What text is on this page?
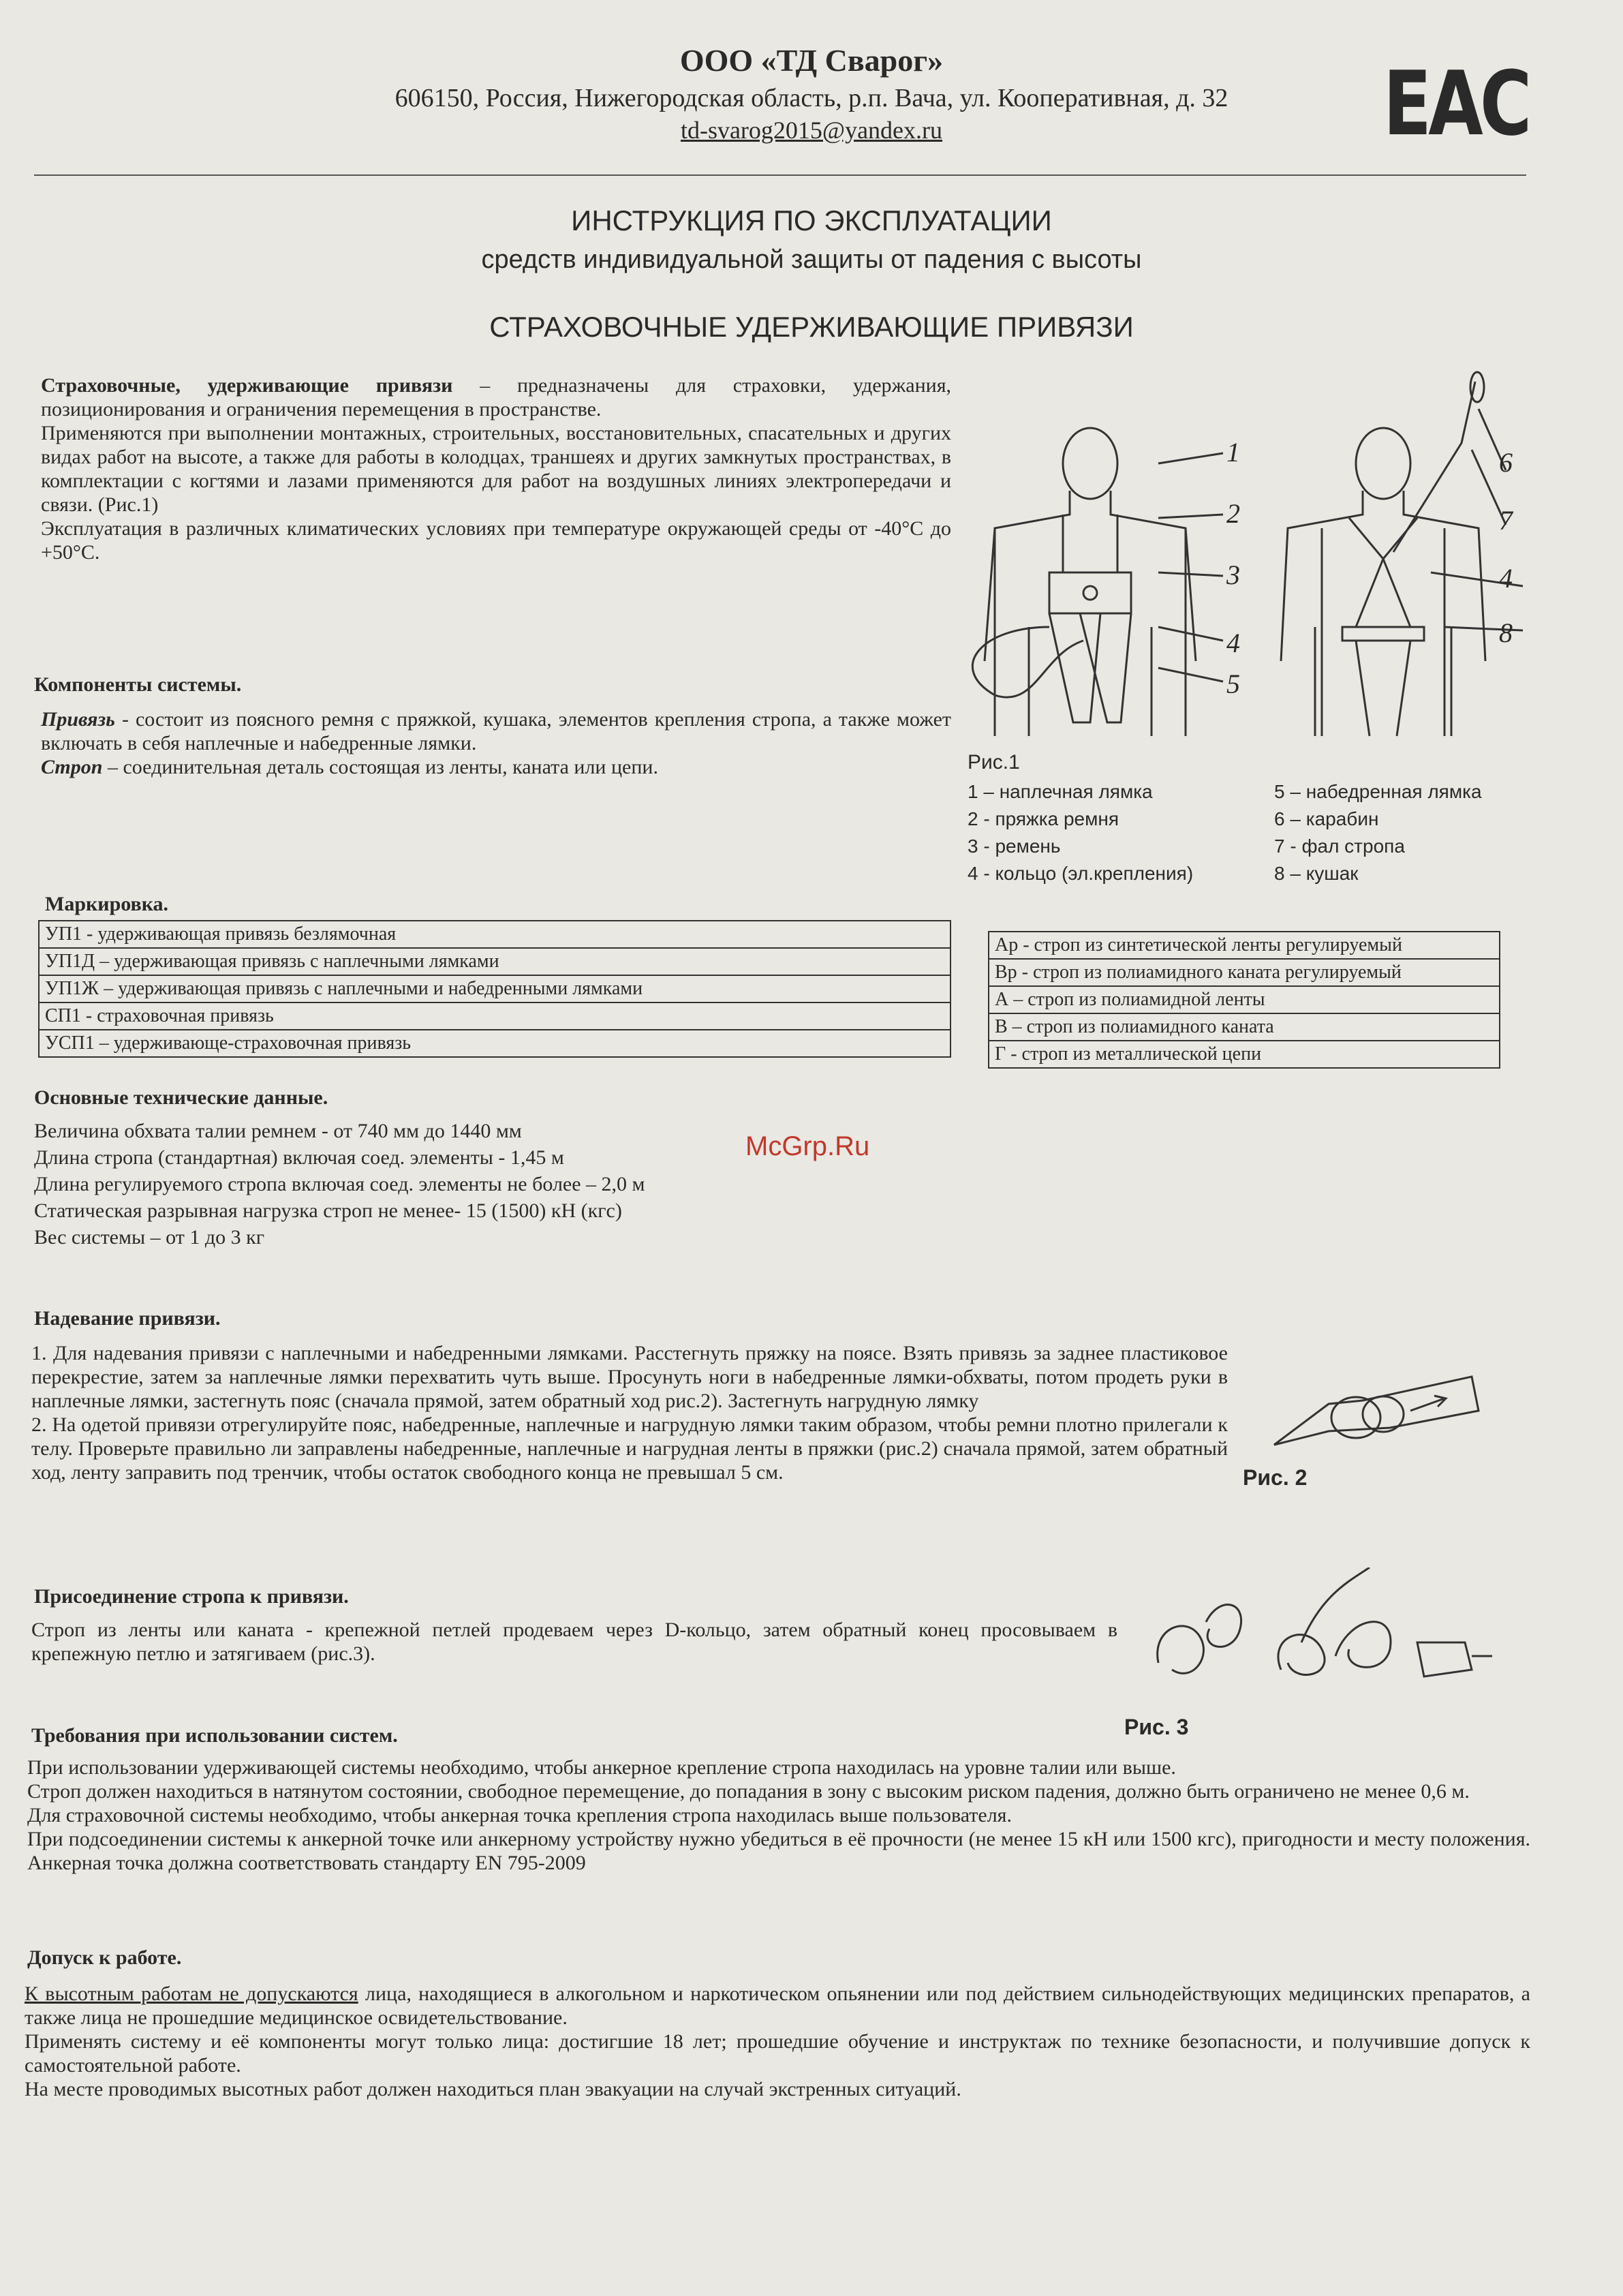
ООО «ТД Сварог»
606150, Россия, Нижегородская область, р.п. Вача, ул. Кооперативная, д. 32
td-svarog2015@yandex.ru	EAC
ИНСТРУКЦИЯ ПО ЭКСПЛУАТАЦИИ
средств индивидуальной защиты от падения с высоты
СТРАХОВОЧНЫЕ УДЕРЖИВАЮЩИЕ ПРИВЯЗИ
Страховочные, удерживающие привязи – предназначены для страховки, удержания, позиционирования и ограничения перемещения в пространстве.
Применяются при выполнении монтажных, строительных, восстановительных, спасательных и других видах работ на высоте, а также для работы в колодцах, траншеях и других замкнутых пространствах, в комплектации с когтями и лазами применяются для работ на воздушных линиях электропередачи и связи. (Рис.1)
Эксплуатация в различных климатических условиях при температуре окружающей среды от -40°С до +50°С.
Компоненты системы.
Привязь - состоит из поясного ремня с пряжкой, кушака, элементов крепления стропа, а также может включать в себя наплечные и набедренные лямки.
Строп – соединительная деталь состоящая из ленты, каната или цепи.
1
2
3
4
5
6
7
4
8
Рис.1
1 – наплечная лямка
2 - пряжка ремня
3 - ремень
4 - кольцо (эл.крепления)
5 – набедренная лямка
6 – карабин
7 - фал стропа
8 – кушак
Маркировка.
УП1 - удерживающая привязь безлямочная
УП1Д – удерживающая привязь с наплечными лямками
УП1Ж – удерживающая привязь с наплечными и набедренными лямками
СП1 - страховочная привязь
УСП1 – удерживающе-страховочная привязь
Ар - строп из синтетической ленты регулируемый
Вр - строп из полиамидного каната регулируемый
А – строп из полиамидной ленты
В – строп из полиамидного каната
Г - строп из металлической цепи
Основные технические данные.
Величина обхвата талии ремнем - от 740 мм до 1440 мм
Длина стропа (стандартная) включая соед. элементы - 1,45 м
Длина регулируемого стропа включая соед. элементы не более – 2,0 м
Статическая разрывная нагрузка строп не менее- 15 (1500) кН (кгс)
Вес системы – от 1 до 3 кг
McGrp.Ru
Надевание привязи.
1. Для надевания привязи с наплечными и набедренными лямками. Расстегнуть пряжку на поясе. Взять привязь за заднее пластиковое перекрестие, затем за наплечные лямки перехватить чуть выше. Просунуть ноги в набедренные лямки-обхваты, потом продеть руки в наплечные лямки, застегнуть пояс (сначала прямой, затем обратный ход рис.2). Застегнуть нагрудную лямку
2. На одетой привязи отрегулируйте пояс, набедренные, наплечные и нагрудную лямки таким образом, чтобы ремни плотно прилегали к телу. Проверьте правильно ли заправлены набедренные, наплечные и нагрудная ленты в пряжки (рис.2) сначала прямой, затем обратный ход, ленту заправить под тренчик, чтобы остаток свободного конца не превышал 5 см.	Рис. 2
Присоединение стропа к привязи.
Строп из ленты или каната - крепежной петлей продеваем через D-кольцо, затем обратный конец просовываем в крепежную петлю и затягиваем (рис.3).
Рис. 3
Требования при использовании систем.
При использовании удерживающей системы необходимо, чтобы анкерное крепление стропа находилась на уровне талии или выше.
Строп должен находиться в натянутом состоянии, свободное перемещение, до попадания в зону с высоким риском падения, должно быть ограничено не менее 0,6 м.
Для страховочной системы необходимо, чтобы анкерная точка крепления стропа находилась выше пользователя.
При подсоединении системы к анкерной точке или анкерному устройству нужно убедиться в её прочности (не менее 15 кН или 1500 кгс), пригодности и месту положения. Анкерная точка должна соответствовать стандарту EN 795-2009
Допуск к работе.
К высотным работам не допускаются лица, находящиеся в алкогольном и наркотическом опьянении или под действием сильнодействующих медицинских препаратов, а также лица не прошедшие медицинское освидетельствование.
Применять систему и её компоненты могут только лица: достигшие 18 лет; прошедшие обучение и инструктаж по технике безопасности, и получившие допуск к самостоятельной работе.
На месте проводимых высотных работ должен находиться план эвакуации на случай экстренных ситуаций.
